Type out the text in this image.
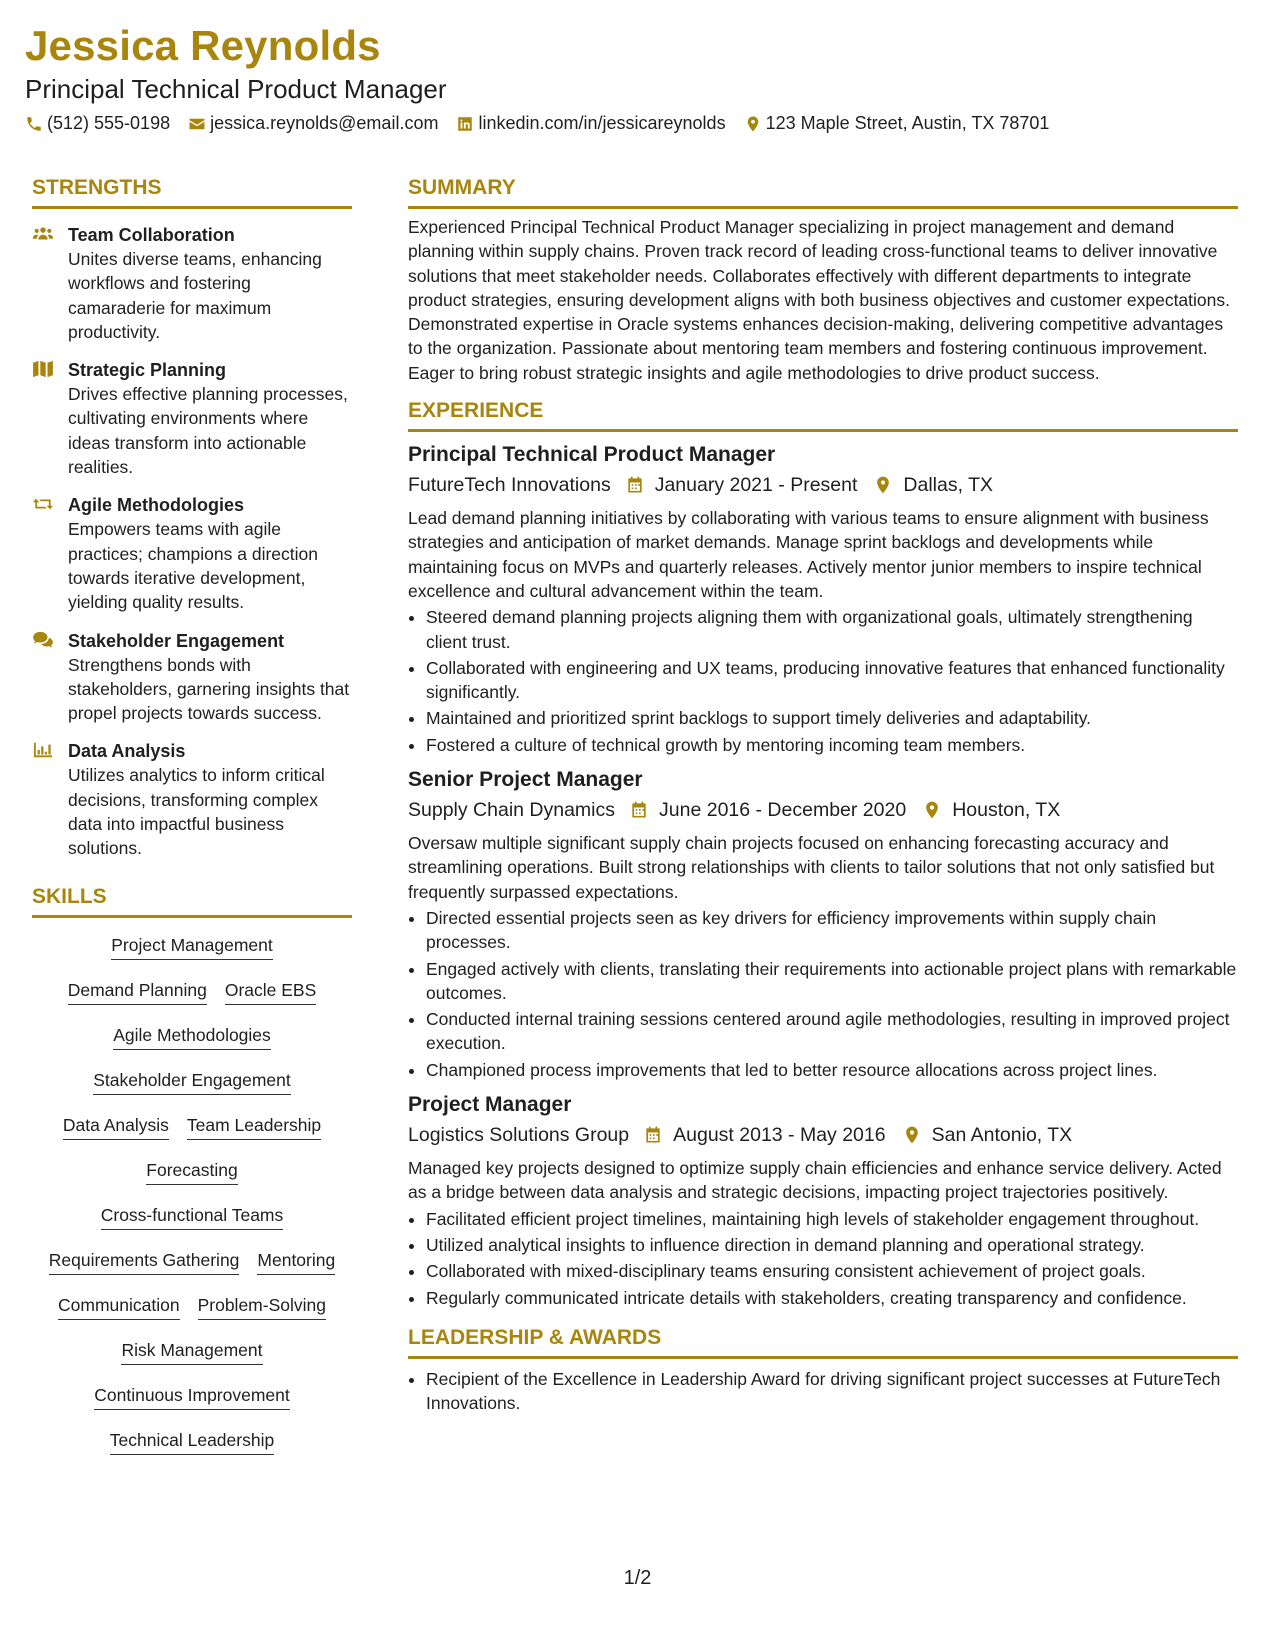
Jessica Reynolds
Principal Technical Product Manager
(512) 555-0198 jessica.reynolds@email.com linkedin.com/in/jessicareynolds 123 Maple Street, Austin, TX 78701
STRENGTHS
Team Collaboration
Unites diverse teams, enhancing workflows and fostering camaraderie for maximum productivity.
Strategic Planning
Drives effective planning processes, cultivating environments where ideas transform into actionable realities.
Agile Methodologies
Empowers teams with agile practices; champions a direction towards iterative development, yielding quality results.
Stakeholder Engagement
Strengthens bonds with stakeholders, garnering insights that propel projects towards success.
Data Analysis
Utilizes analytics to inform critical decisions, transforming complex data into impactful business solutions.
SKILLS
Project Management
Demand Planning Oracle EBS
Agile Methodologies
Stakeholder Engagement
Data Analysis Team Leadership
Forecasting
Cross-functional Teams
Requirements Gathering Mentoring
Communication Problem-Solving
Risk Management
Continuous Improvement
Technical Leadership
SUMMARY
Experienced Principal Technical Product Manager specializing in project management and demand planning within supply chains. Proven track record of leading cross-functional teams to deliver innovative solutions that meet stakeholder needs. Collaborates effectively with different departments to integrate product strategies, ensuring development aligns with both business objectives and customer expectations. Demonstrated expertise in Oracle systems enhances decision-making, delivering competitive advantages to the organization. Passionate about mentoring team members and fostering continuous improvement. Eager to bring robust strategic insights and agile methodologies to drive product success.
EXPERIENCE
Principal Technical Product Manager
FutureTech Innovations January 2021 - Present Dallas, TX
Lead demand planning initiatives by collaborating with various teams to ensure alignment with business strategies and anticipation of market demands. Manage sprint backlogs and developments while maintaining focus on MVPs and quarterly releases. Actively mentor junior members to inspire technical excellence and cultural advancement within the team.
• Steered demand planning projects aligning them with organizational goals, ultimately strengthening client trust.
• Collaborated with engineering and UX teams, producing innovative features that enhanced functionality significantly.
• Maintained and prioritized sprint backlogs to support timely deliveries and adaptability.
• Fostered a culture of technical growth by mentoring incoming team members.
Senior Project Manager
Supply Chain Dynamics June 2016 - December 2020 Houston, TX
Oversaw multiple significant supply chain projects focused on enhancing forecasting accuracy and streamlining operations. Built strong relationships with clients to tailor solutions that not only satisfied but frequently surpassed expectations.
• Directed essential projects seen as key drivers for efficiency improvements within supply chain processes.
• Engaged actively with clients, translating their requirements into actionable project plans with remarkable outcomes.
• Conducted internal training sessions centered around agile methodologies, resulting in improved project execution.
• Championed process improvements that led to better resource allocations across project lines.
Project Manager
Logistics Solutions Group August 2013 - May 2016 San Antonio, TX
Managed key projects designed to optimize supply chain efficiencies and enhance service delivery. Acted as a bridge between data analysis and strategic decisions, impacting project trajectories positively.
• Facilitated efficient project timelines, maintaining high levels of stakeholder engagement throughout.
• Utilized analytical insights to influence direction in demand planning and operational strategy.
• Collaborated with mixed-disciplinary teams ensuring consistent achievement of project goals.
• Regularly communicated intricate details with stakeholders, creating transparency and confidence.
LEADERSHIP & AWARDS
• Recipient of the Excellence in Leadership Award for driving significant project successes at FutureTech Innovations.
1/2
